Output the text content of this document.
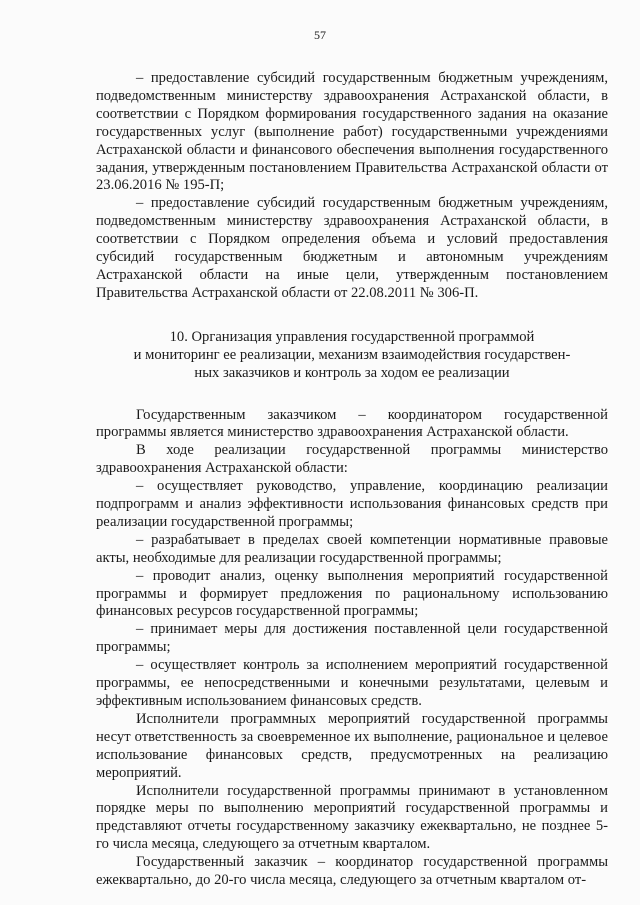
57

– предоставление субсидий государственным бюджетным учреждениям, подведомственным министерству здравоохранения Астраханской области, в соответствии с Порядком формирования государственного задания на оказание государственных услуг (выполнение работ) государственными учреждениями Астраханской области и финансового обеспечения выполнения государственного задания, утвержденным постановлением Правительства Астраханской области от 23.06.2016 № 195-П;

– предоставление субсидий государственным бюджетным учреждениям, подведомственным министерству здравоохранения Астраханской области, в соответствии с Порядком определения объема и условий предоставления субсидий государственным бюджетным и автономным учреждениям Астраханской области на иные цели, утвержденным постановлением Правительства Астраханской области от 22.08.2011 № 306-П.

10. Организация управления государственной программой
и мониторинг ее реализации, механизм взаимодействия государствен-
ных заказчиков и контроль за ходом ее реализации

Государственным заказчиком – координатором государственной программы является министерство здравоохранения Астраханской области.

В ходе реализации государственной программы министерство здравоохранения Астраханской области:

– осуществляет руководство, управление, координацию реализации подпрограмм и анализ эффективности использования финансовых средств при реализации государственной программы;

– разрабатывает в пределах своей компетенции нормативные правовые акты, необходимые для реализации государственной программы;

– проводит анализ, оценку выполнения мероприятий государственной программы и формирует предложения по рациональному использованию финансовых ресурсов государственной программы;

– принимает меры для достижения поставленной цели государственной программы;

– осуществляет контроль за исполнением мероприятий государственной программы, ее непосредственными и конечными результатами, целевым и эффективным использованием финансовых средств.

Исполнители программных мероприятий государственной программы несут ответственность за своевременное их выполнение, рациональное и целевое использование финансовых средств, предусмотренных на реализацию мероприятий.

Исполнители государственной программы принимают в установленном порядке меры по выполнению мероприятий государственной программы и представляют отчеты государственному заказчику ежеквартально, не позднее 5-го числа месяца, следующего за отчетным кварталом.

Государственный заказчик – координатор государственной программы ежеквартально, до 20-го числа месяца, следующего за отчетным кварталом от-
